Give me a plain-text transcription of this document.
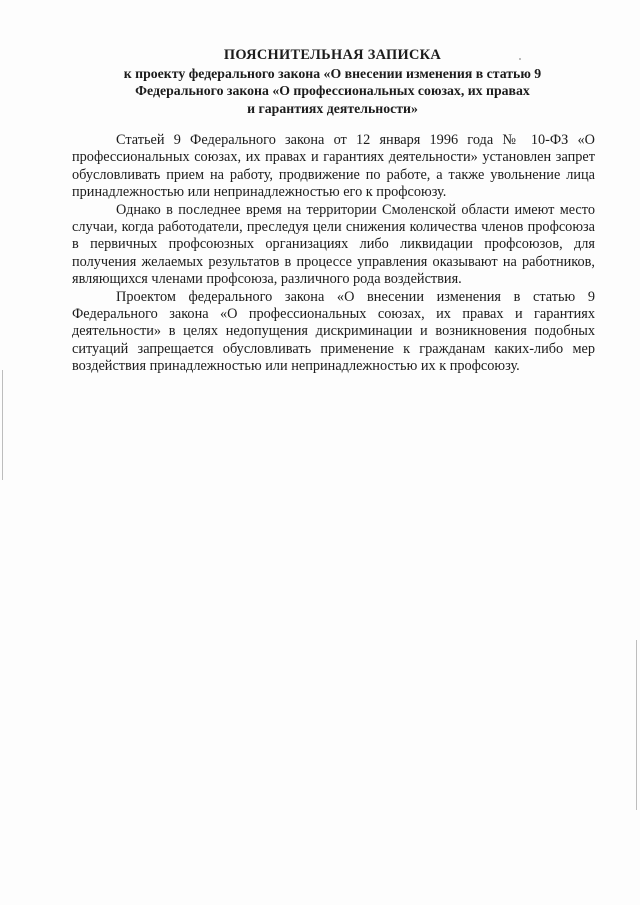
ПОЯСНИТЕЛЬНАЯ ЗАПИСКА
к проекту федерального закона «О внесении изменения в статью 9
Федерального закона «О профессиональных союзах, их правах
и гарантиях деятельности»

Статьей 9 Федерального закона от 12 января 1996 года № 10-ФЗ «О профессиональных союзах, их правах и гарантиях деятельности» установлен запрет обусловливать прием на работу, продвижение по работе, а также увольнение лица принадлежностью или непринадлежностью его к профсоюзу.

Однако в последнее время на территории Смоленской области имеют место случаи, когда работодатели, преследуя цели снижения количества членов профсоюза в первичных профсоюзных организациях либо ликвидации профсоюзов, для получения желаемых результатов в процессе управления оказывают на работников, являющихся членами профсоюза, различного рода воздействия.

Проектом федерального закона «О внесении изменения в статью 9 Федерального закона «О профессиональных союзах, их правах и гарантиях деятельности» в целях недопущения дискриминации и возникновения подобных ситуаций запрещается обусловливать применение к гражданам каких-либо мер воздействия принадлежностью или непринадлежностью их к профсоюзу.
